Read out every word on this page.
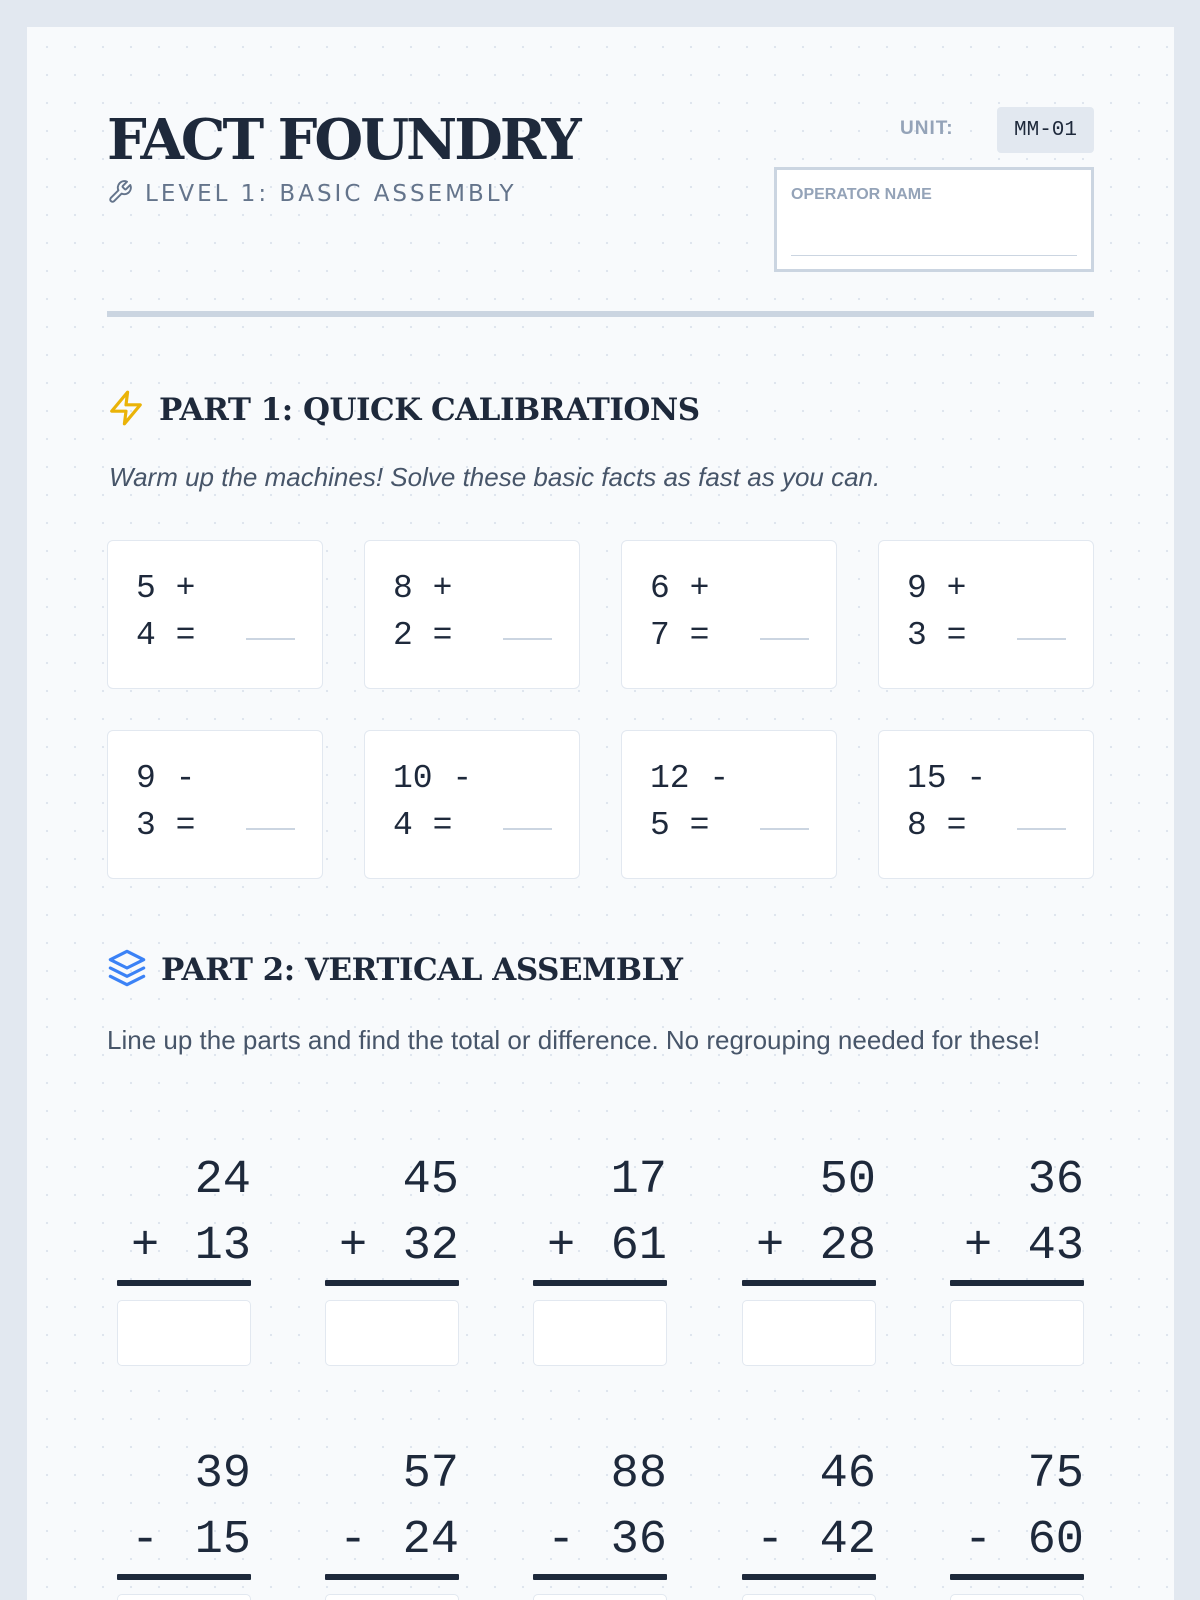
FACT FOUNDRY
LEVEL 1: BASIC ASSEMBLY
UNIT:	MM-01
OPERATOR NAME
PART 1: QUICK CALIBRATIONS
Warm up the machines! Solve these basic facts as fast as you can.
5 +
4 =
8 +
2 =
6 +
7 =
9 +
3 =
9 -
3 =
10 -
4 =
12 -
5 =
15 -
8 =
PART 2: VERTICAL ASSEMBLY
Line up the parts and find the total or difference. No regrouping needed for these!
24
+ 13
45
+ 32
17
+ 61
50
+ 28
36
+ 43
39
- 15
57
- 24
88
- 36
46
- 42
75
- 60
